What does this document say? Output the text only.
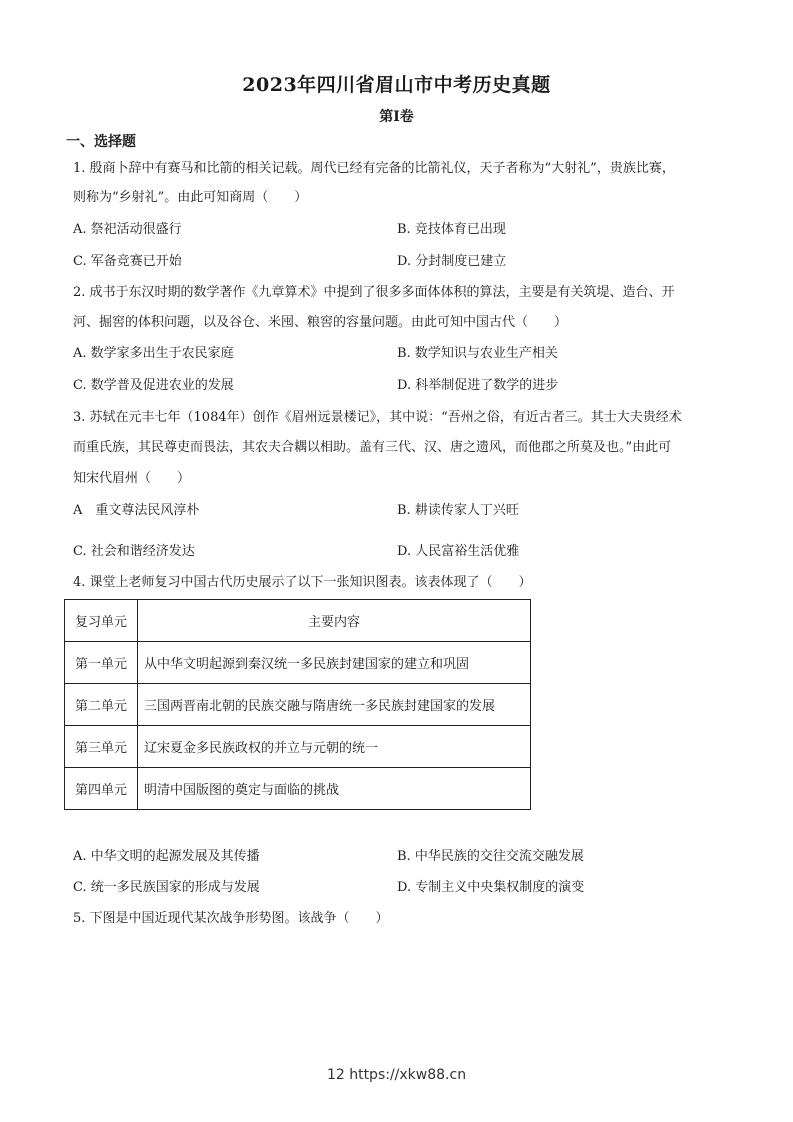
2023年四川省眉山市中考历史真题
第I卷
一、选择题
1. 殷商卜辞中有赛马和比箭的相关记载。周代已经有完备的比箭礼仪，天子者称为“大射礼”，贵族比赛，
则称为“乡射礼”。由此可知商周（　　）
A. 祭祀活动很盛行	B. 竞技体育已出现
C. 军备竞赛已开始	D. 分封制度已建立
2. 成书于东汉时期的数学著作《九章算术》中提到了很多多面体体积的算法，主要是有关筑堤、造台、开
河、掘窖的体积问题，以及谷仓、米囤、粮窖的容量问题。由此可知中国古代（　　）
A. 数学家多出生于农民家庭	B. 数学知识与农业生产相关
C. 数学普及促进农业的发展	D. 科举制促进了数学的进步
3. 苏轼在元丰七年（1084年）创作《眉州远景楼记》，其中说：“吾州之俗，有近古者三。其士大夫贵经术
而重氏族，其民尊吏而畏法，其农夫合耦以相助。盖有三代、汉、唐之遗风，而他郡之所莫及也。”由此可
知宋代眉州（　　）
A　重文尊法民风淳朴	B. 耕读传家人丁兴旺
C. 社会和谐经济发达	D. 人民富裕生活优雅
4. 课堂上老师复习中国古代历史展示了以下一张知识图表。该表体现了（　　）
复习单元	主要内容
第一单元	从中华文明起源到秦汉统一多民族封建国家的建立和巩固
第二单元	三国两晋南北朝的民族交融与隋唐统一多民族封建国家的发展
第三单元	辽宋夏金多民族政权的并立与元朝的统一
第四单元	明清中国版图的奠定与面临的挑战
A. 中华文明的起源发展及其传播	B. 中华民族的交往交流交融发展
C. 统一多民族国家的形成与发展	D. 专制主义中央集权制度的演变
5. 下图是中国近现代某次战争形势图。该战争（　　）
12 https://xkw88.cn
